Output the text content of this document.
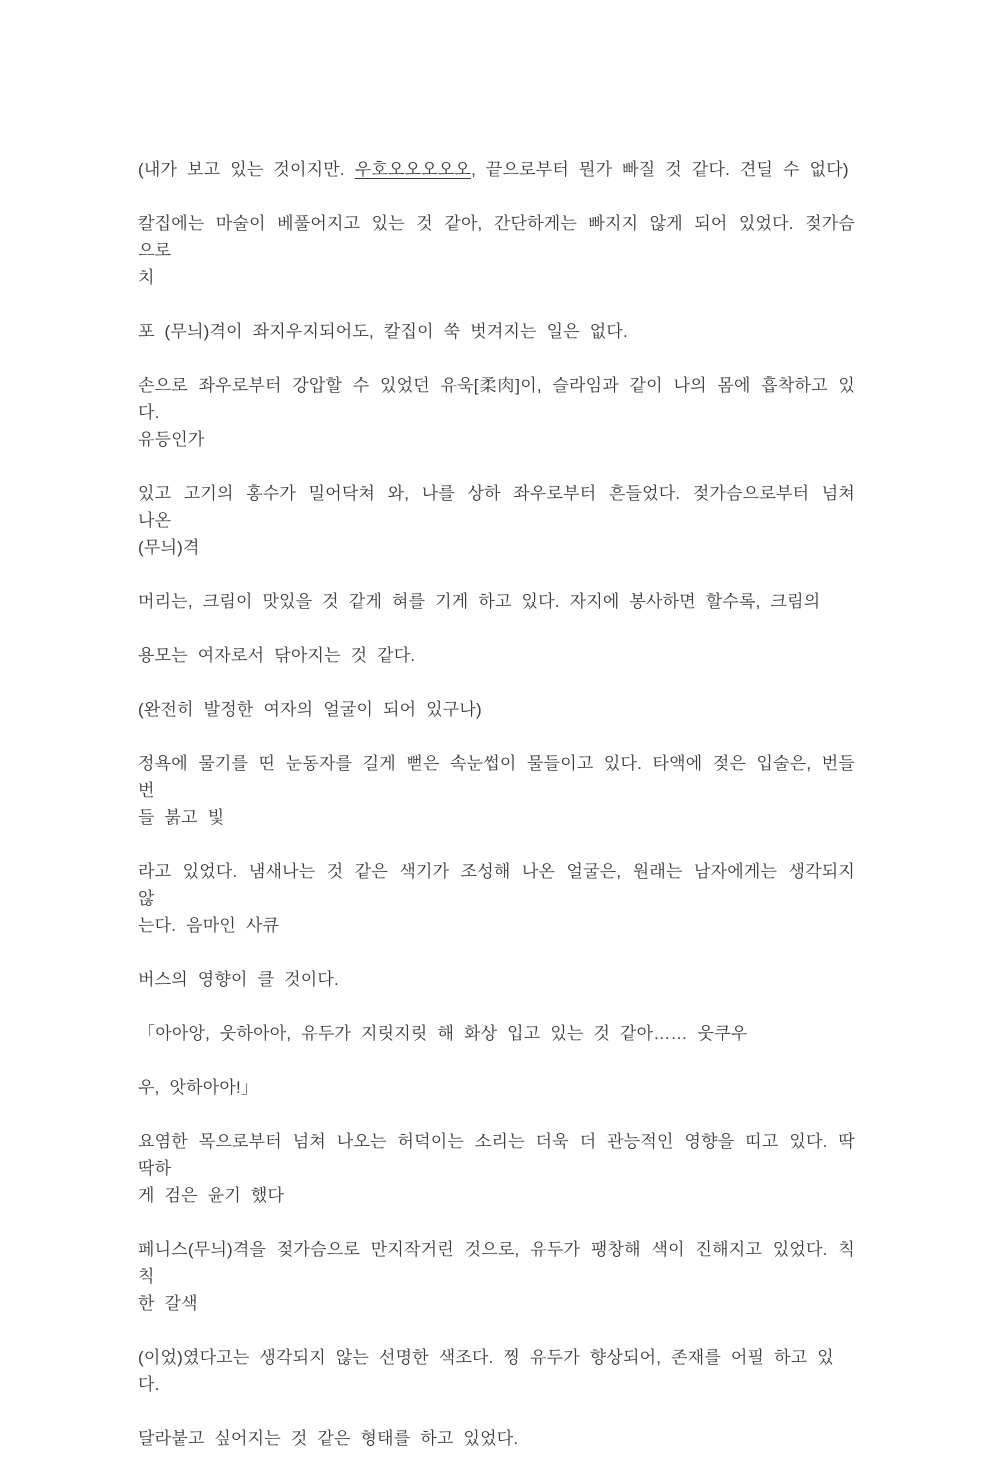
(내가 보고 있는 것이지만. 우호오오오오오, 끝으로부터 뭔가 빠질 것 같다. 견딜 수 없다)

칼집에는 마술이 베풀어지고 있는 것 같아, 간단하게는 빠지지 않게 되어 있었다. 젖가슴으로
치

포 (무늬)격이 좌지우지되어도, 칼집이 쑥 벗겨지는 일은 없다.

손으로 좌우로부터 강압할 수 있었던 유욱[柔肉]이, 슬라임과 같이 나의 몸에 흡착하고 있다.
유등인가

있고 고기의 홍수가 밀어닥쳐 와, 나를 상하 좌우로부터 흔들었다. 젖가슴으로부터 넘쳐 나온
(무늬)격

머리는, 크림이 맛있을 것 같게 혀를 기게 하고 있다. 자지에 봉사하면 할수록, 크림의

용모는 여자로서 닦아지는 것 같다.

(완전히 발정한 여자의 얼굴이 되어 있구나)

정욕에 물기를 띤 눈동자를 길게 뻗은 속눈썹이 물들이고 있다. 타액에 젖은 입술은, 번들번
들 붉고 빛

라고 있었다. 냄새나는 것 같은 색기가 조성해 나온 얼굴은, 원래는 남자에게는 생각되지 않
는다. 음마인 사큐

버스의 영향이 클 것이다.

「아아앙, 웃하아아, 유두가 지릿지릿 해 화상 입고 있는 것 같아…… 웃쿠우

우, 앗하아아!」

요염한 목으로부터 넘쳐 나오는 허덕이는 소리는 더욱 더 관능적인 영향을 띠고 있다. 딱딱하
게 검은 윤기 했다

페니스(무늬)격을 젖가슴으로 만지작거린 것으로, 유두가 팽창해 색이 진해지고 있었다. 칙칙
한 갈색

(이었)였다고는 생각되지 않는 선명한 색조다. 찡 유두가 향상되어, 존재를 어필 하고 있다.

달라붙고 싶어지는 것 같은 형태를 하고 있었다.
